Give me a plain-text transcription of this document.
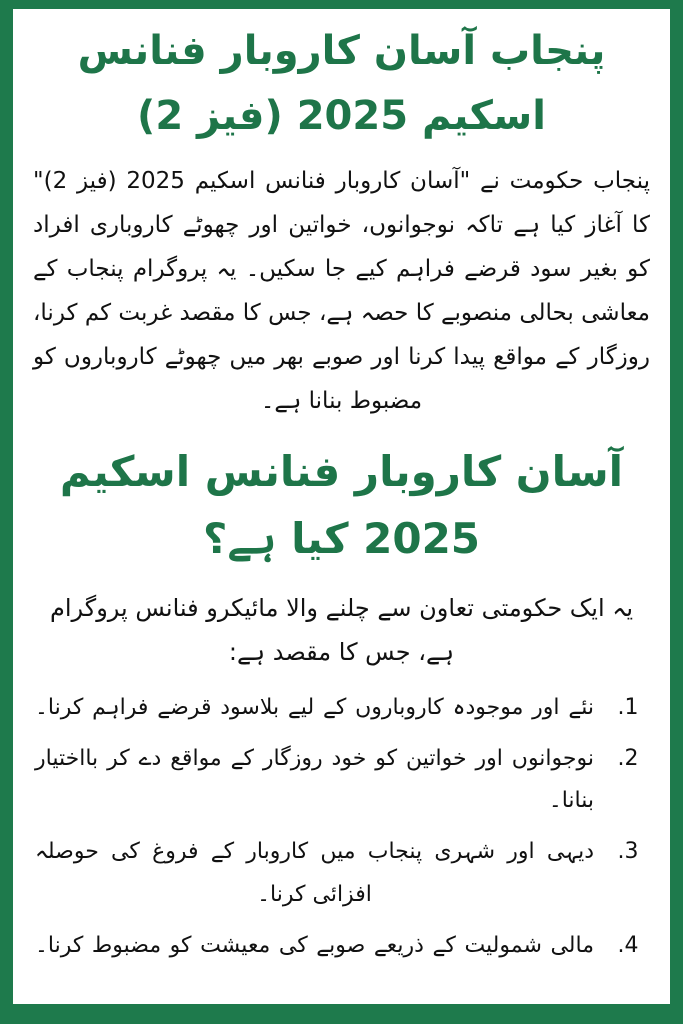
پنجاب آسان کاروبار فنانس
اسکیم 2025 (فیز 2)

پنجاب حکومت نے "آسان کاروبار فنانس اسکیم 2025 (فیز 2)" کا آغاز کیا ہے تاکہ نوجوانوں، خواتین اور چھوٹے کاروباری افراد کو بغیر سود قرضے فراہم کیے جا سکیں۔ یہ پروگرام پنجاب کے معاشی بحالی منصوبے کا حصہ ہے، جس کا مقصد غربت کم کرنا، روزگار کے مواقع پیدا کرنا اور صوبے بھر میں چھوٹے کاروباروں کو مضبوط بنانا ہے۔

آسان کاروبار فنانس اسکیم
2025 کیا ہے؟

یہ ایک حکومتی تعاون سے چلنے والا مائیکرو فنانس پروگرام ہے، جس کا مقصد ہے:

1.
نئے اور موجودہ کاروباروں کے لیے بلاسود قرضے فراہم کرنا۔
2.
نوجوانوں اور خواتین کو خود روزگار کے مواقع دے کر بااختیار بنانا۔
3.
دیہی اور شہری پنجاب میں کاروبار کے فروغ کی حوصلہ افزائی کرنا۔
4.
مالی شمولیت کے ذریعے صوبے کی معیشت کو مضبوط کرنا۔
